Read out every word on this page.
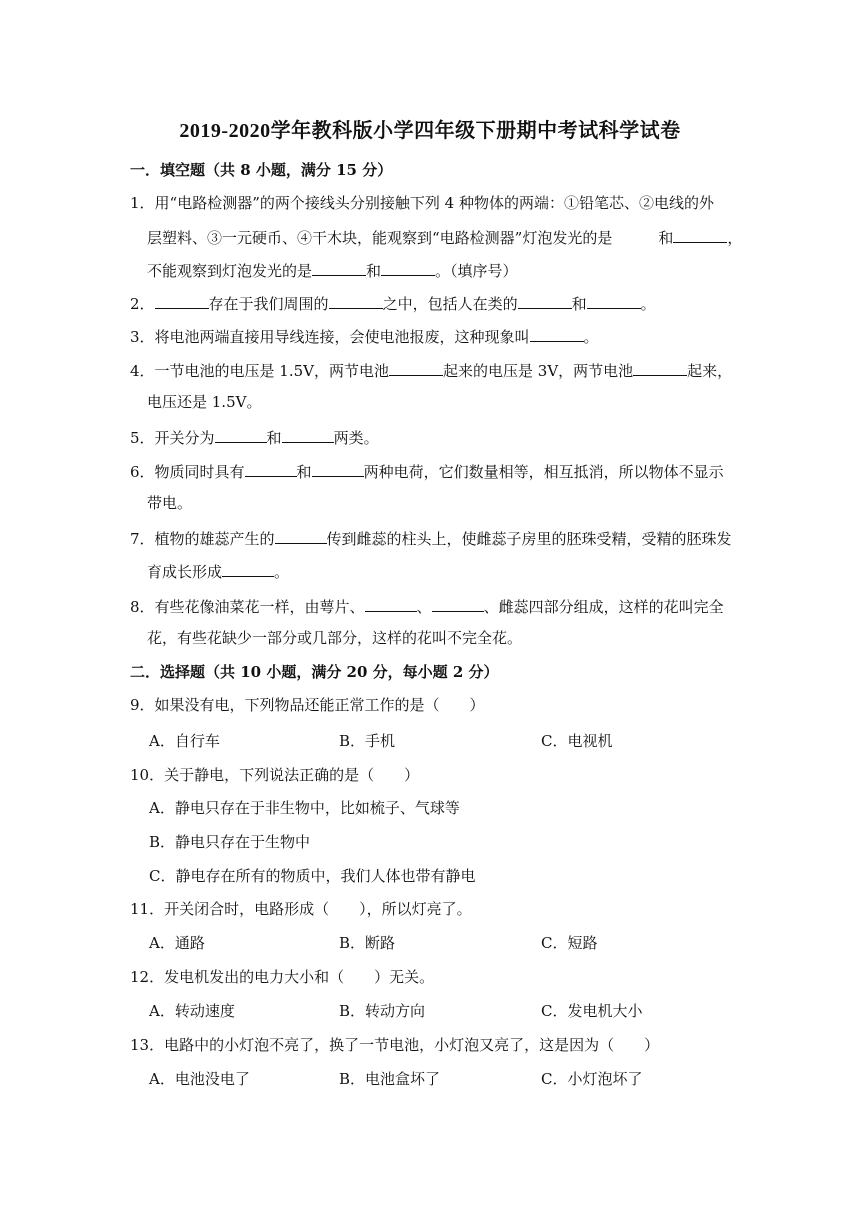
2019-2020学年教科版小学四年级下册期中考试科学试卷
一．填空题（共 8 小题，满分 15 分）
1．用“电路检测器”的两个接线头分别接触下列 4 种物体的两端：①铅笔芯、②电线的外
层塑料、③一元硬币、④干木块，能观察到“电路检测器”灯泡发光的是	和	，
不能观察到灯泡发光的是	和	。（填序号）
2．	存在于我们周围的	之中，包括人在类的	和	。
3．将电池两端直接用导线连接，会使电池报废，这种现象叫	。
4．一节电池的电压是 1.5V，两节电池	起来的电压是 3V，两节电池	起来，
电压还是 1.5V。
5．开关分为	和	两类。
6．物质同时具有	和	两种电荷，它们数量相等，相互抵消，所以物体不显示
带电。
7．植物的雄蕊产生的	传到雌蕊的柱头上，使雌蕊子房里的胚珠受精，受精的胚珠发
育成长形成	。
8．有些花像油菜花一样，由萼片、	、	、雌蕊四部分组成，这样的花叫完全
花，有些花缺少一部分或几部分，这样的花叫不完全花。
二．选择题（共 10 小题，满分 20 分，每小题 2 分）
9．如果没有电，下列物品还能正常工作的是（　　）
A．自行车	B．手机	C．电视机
10．关于静电，下列说法正确的是（　　）
A．静电只存在于非生物中，比如梳子、气球等
B．静电只存在于生物中
C．静电存在所有的物质中，我们人体也带有静电
11．开关闭合时，电路形成（　　），所以灯亮了。
A．通路	B．断路	C．短路
12．发电机发出的电力大小和（　　）无关。
A．转动速度	B．转动方向	C．发电机大小
13．电路中的小灯泡不亮了，换了一节电池，小灯泡又亮了，这是因为（　　）
A．电池没电了	B．电池盒坏了	C．小灯泡坏了
